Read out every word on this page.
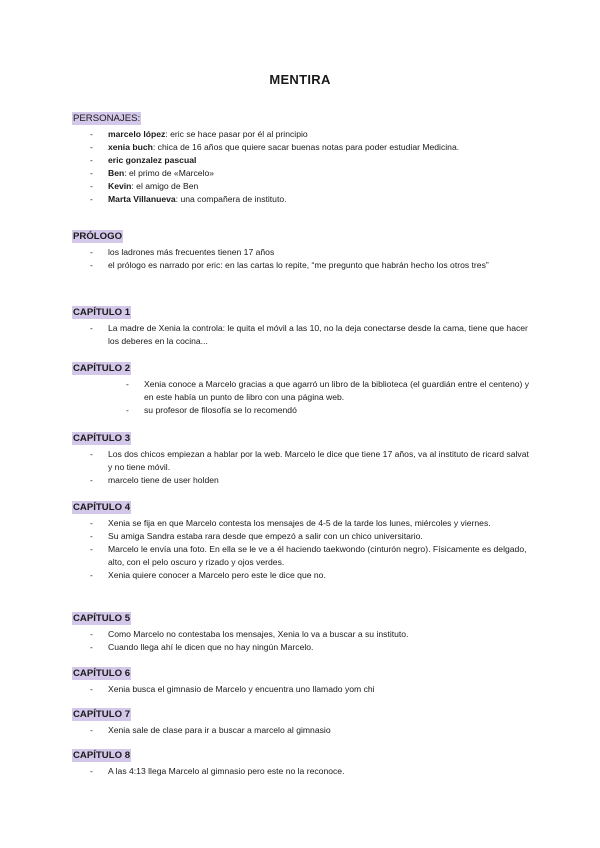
MENTIRA
PERSONAJES:
- marcelo lópez: eric se hace pasar por él al principio
- xenia buch: chica de 16 años que quiere sacar buenas notas para poder estudiar Medicina.
- eric gonzalez pascual
- Ben: el primo de «Marcelo»
- Kevin: el amigo de Ben
- Marta Villanueva: una compañera de instituto.
PRÓLOGO
- los ladrones más frecuentes tienen 17 años
- el prólogo es narrado por eric: en las cartas lo repite, “me pregunto que habrán hecho los otros tres”
CAPÍTULO 1
- La madre de Xenia la controla: le quita el móvil a las 10, no la deja conectarse desde la cama, tiene que hacer los deberes en la cocina...
CAPÍTULO 2
- Xenia conoce a Marcelo gracias a que agarró un libro de la biblioteca (el guardián entre el centeno) y en este había un punto de libro con una página web.
- su profesor de filosofía se lo recomendó
CAPÍTULO 3
- Los dos chicos empiezan a hablar por la web. Marcelo le dice que tiene 17 años, va al instituto de ricard salvat y no tiene móvil.
- marcelo tiene de user holden
CAPÍTULO 4
- Xenia se fija en que Marcelo contesta los mensajes de 4-5 de la tarde los lunes, miércoles y viernes.
- Su amiga Sandra estaba rara desde que empezó a salir con un chico universitario.
- Marcelo le envía una foto. En ella se le ve a él haciendo taekwondo (cinturón negro). Físicamente es delgado, alto, con el pelo oscuro y rizado y ojos verdes.
- Xenia quiere conocer a Marcelo pero este le dice que no.
CAPÍTULO 5
- Como Marcelo no contestaba los mensajes, Xenia lo va a buscar a su instituto.
- Cuando llega ahí le dicen que no hay ningún Marcelo.
CAPÍTULO 6
- Xenia busca el gimnasio de Marcelo y encuentra uno llamado yom chi
CAPÍTULO 7
- Xenia sale de clase para ir a buscar a marcelo al gimnasio
CAPÍTULO 8
- A las 4:13 llega Marcelo al gimnasio pero este no la reconoce.
